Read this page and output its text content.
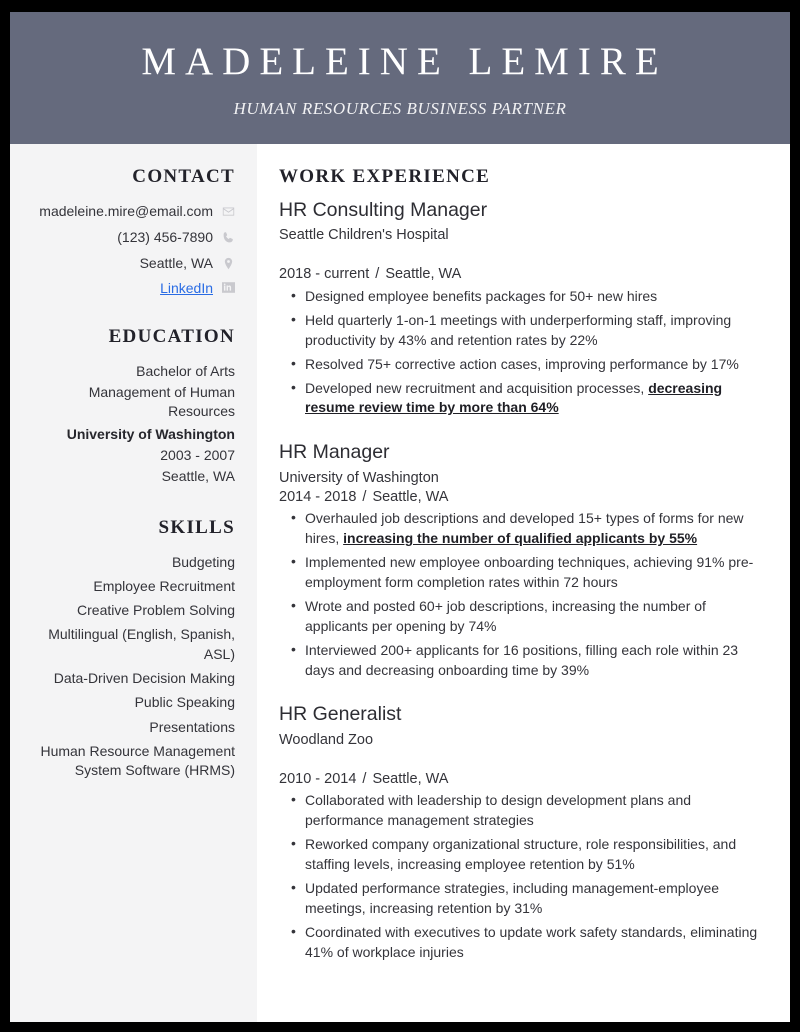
MADELEINE LEMIRE
HUMAN RESOURCES BUSINESS PARTNER
CONTACT
madeleine.mire@email.com
(123) 456-7890
Seattle, WA
LinkedIn
EDUCATION

Bachelor of Arts

Management of Human Resources

University of Washington

2003 - 2007

Seattle, WA

SKILLS

Budgeting

Employee Recruitment

Creative Problem Solving

Multilingual (English, Spanish, ASL)

Data-Driven Decision Making

Public Speaking

Presentations

Human Resource Management System Software (HRMS)

WORK EXPERIENCE
HR Consulting Manager

Seattle Children's Hospital

2018 - current / Seattle, WA

• Designed employee benefits packages for 50+ new hires
• Held quarterly 1-on-1 meetings with underperforming staff, improving productivity by 43% and retention rates by 22%
• Resolved 75+ corrective action cases, improving performance by 17%
• Developed new recruitment and acquisition processes, decreasing resume review time by more than 64%
HR Manager

University of Washington

2014 - 2018 / Seattle, WA

• Overhauled job descriptions and developed 15+ types of forms for new hires, increasing the number of qualified applicants by 55%
• Implemented new employee onboarding techniques, achieving 91% pre-employment form completion rates within 72 hours
• Wrote and posted 60+ job descriptions, increasing the number of applicants per opening by 74%
• Interviewed 200+ applicants for 16 positions, filling each role within 23 days and decreasing onboarding time by 39%
HR Generalist

Woodland Zoo

2010 - 2014 / Seattle, WA

• Collaborated with leadership to design development plans and performance management strategies
• Reworked company organizational structure, role responsibilities, and staffing levels, increasing employee retention by 51%
• Updated performance strategies, including management-employee meetings, increasing retention by 31%
• Coordinated with executives to update work safety standards, eliminating 41% of workplace injuries
